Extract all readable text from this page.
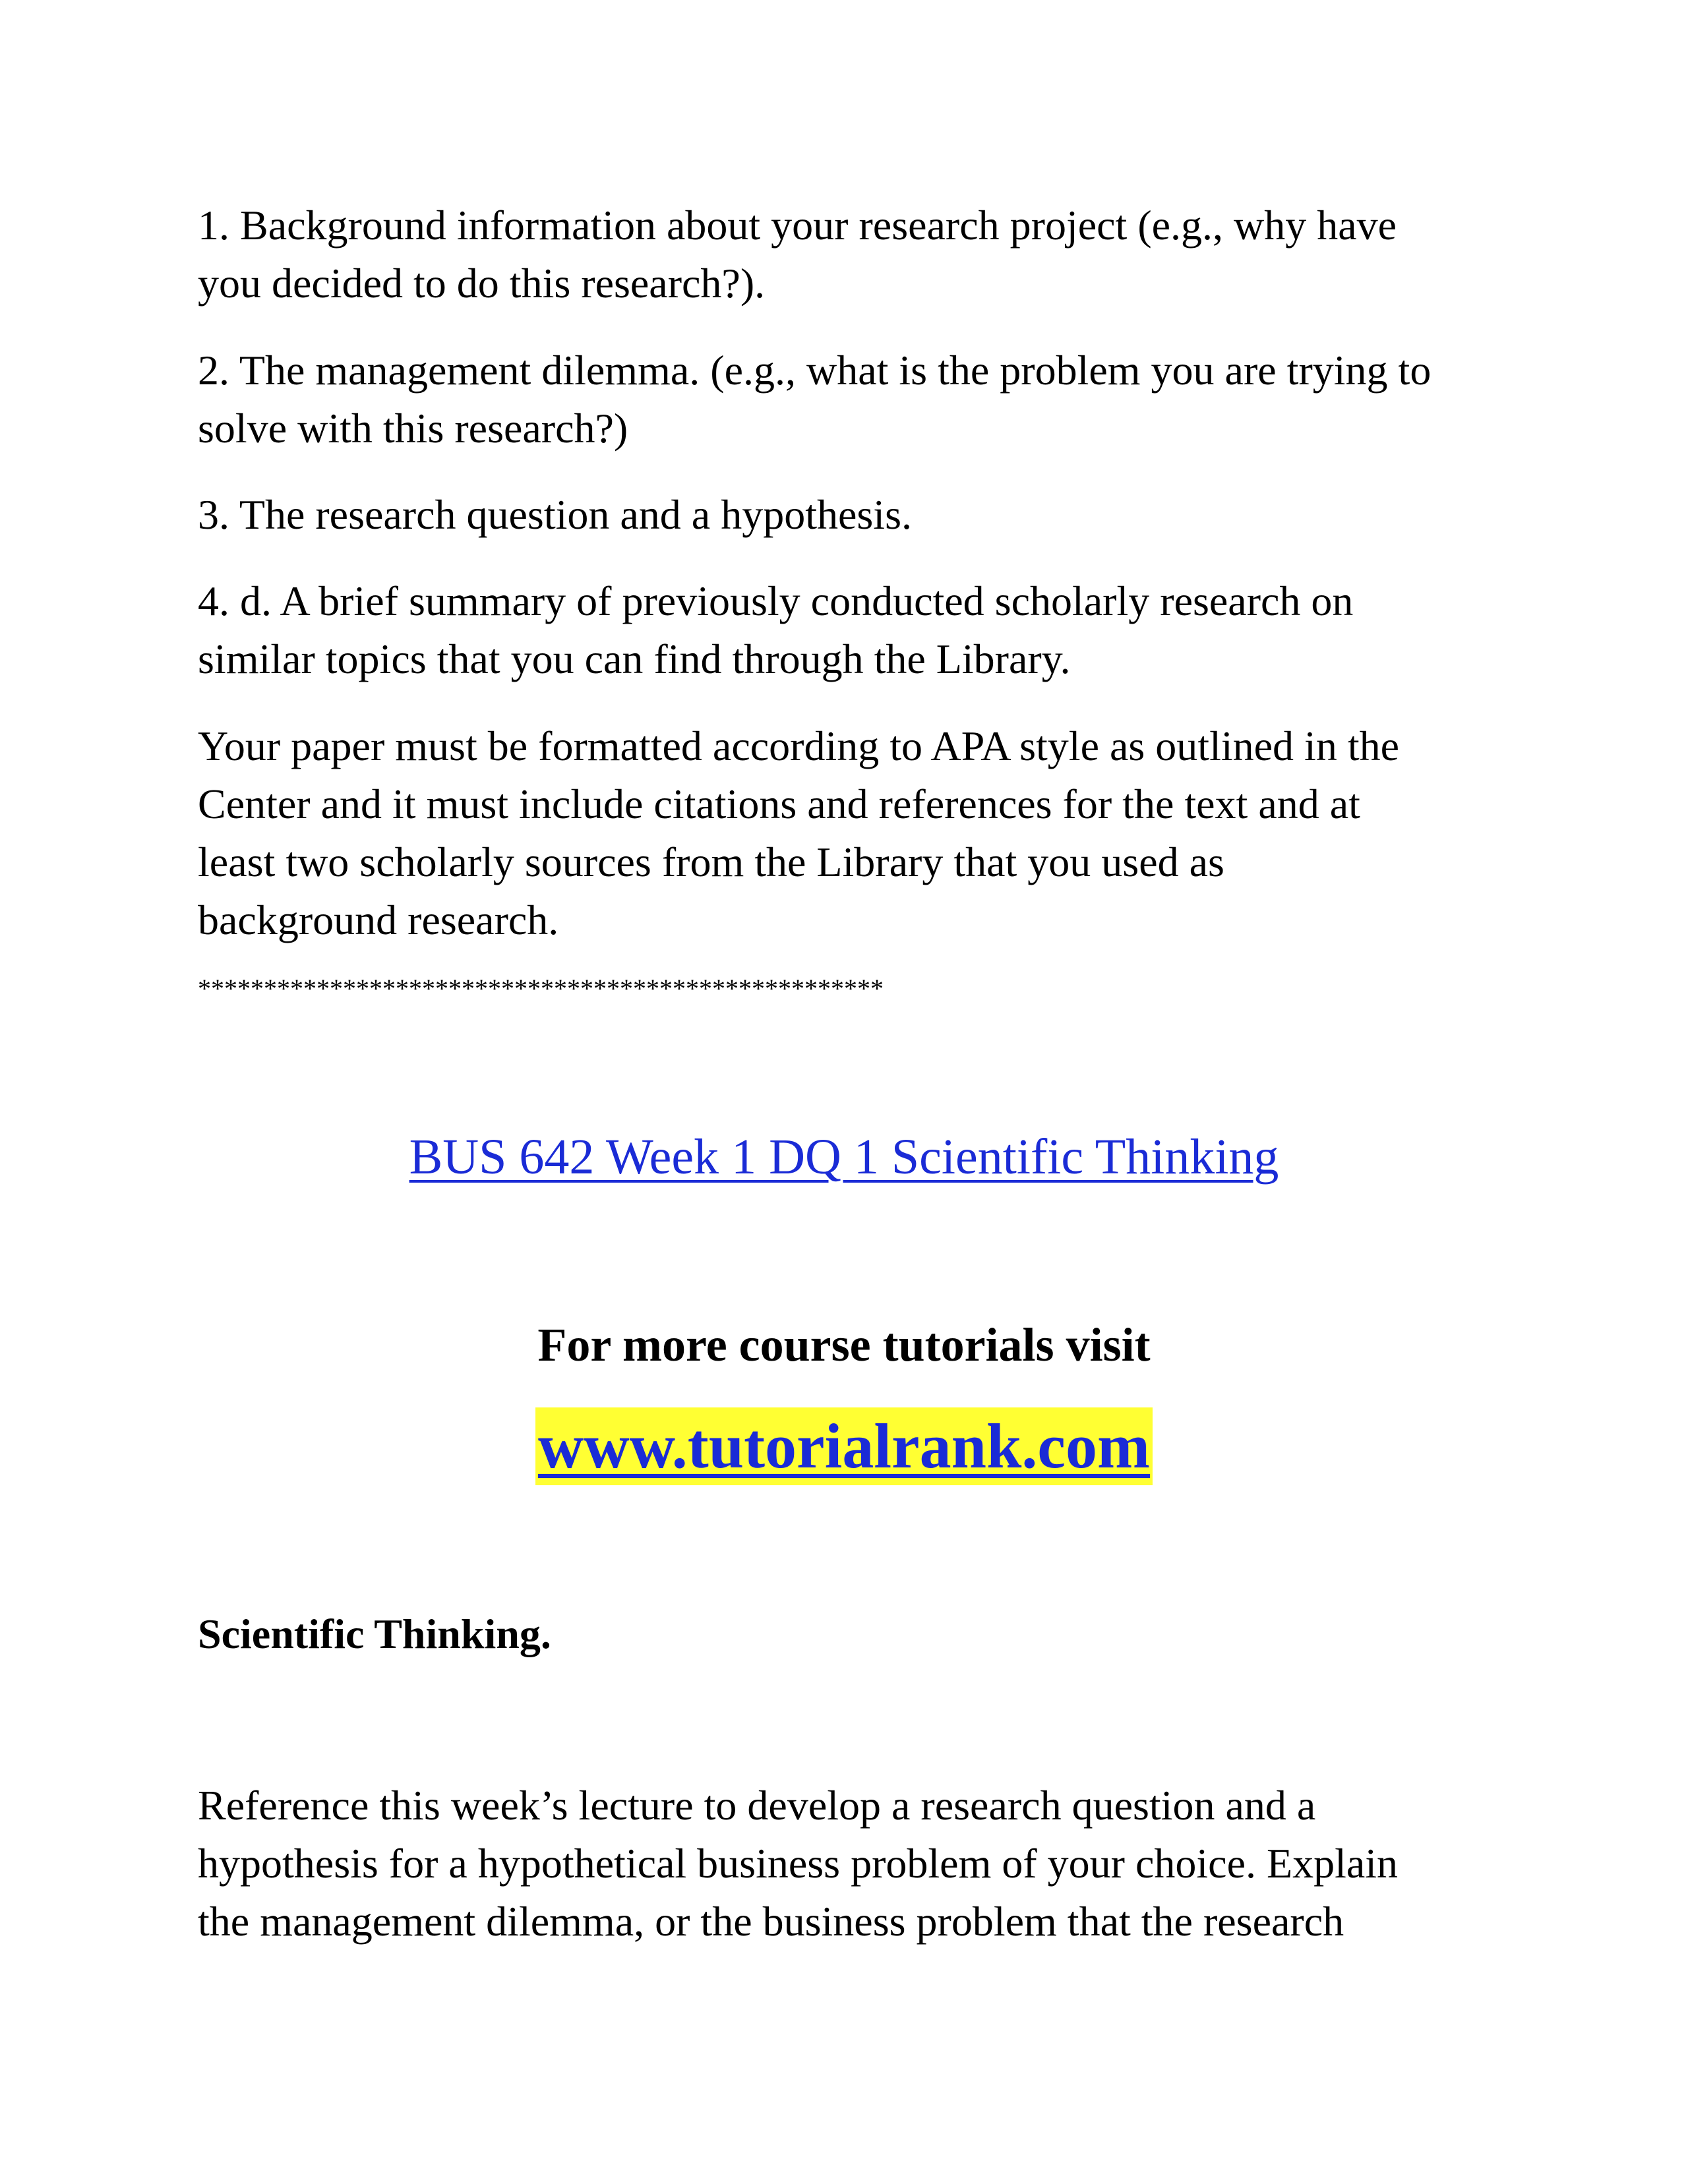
1. Background information about your research project (e.g., why have
you decided to do this research?).

2. The management dilemma. (e.g., what is the problem you are trying to
solve with this research?)

3. The research question and a hypothesis.

4. d. A brief summary of previously conducted scholarly research on
similar topics that you can find through the Library.

Your paper must be formatted according to APA style as outlined in the
Center and it must include citations and references for the text and at
least two scholarly sources from the Library that you used as
background research.

****************************************************
BUS 642 Week 1 DQ 1 Scientific Thinking
For more course tutorials visit
www.tutorialrank.com
Scientific Thinking.

Reference this week’s lecture to develop a research question and a
hypothesis for a hypothetical business problem of your choice. Explain
the management dilemma, or the business problem that the research
